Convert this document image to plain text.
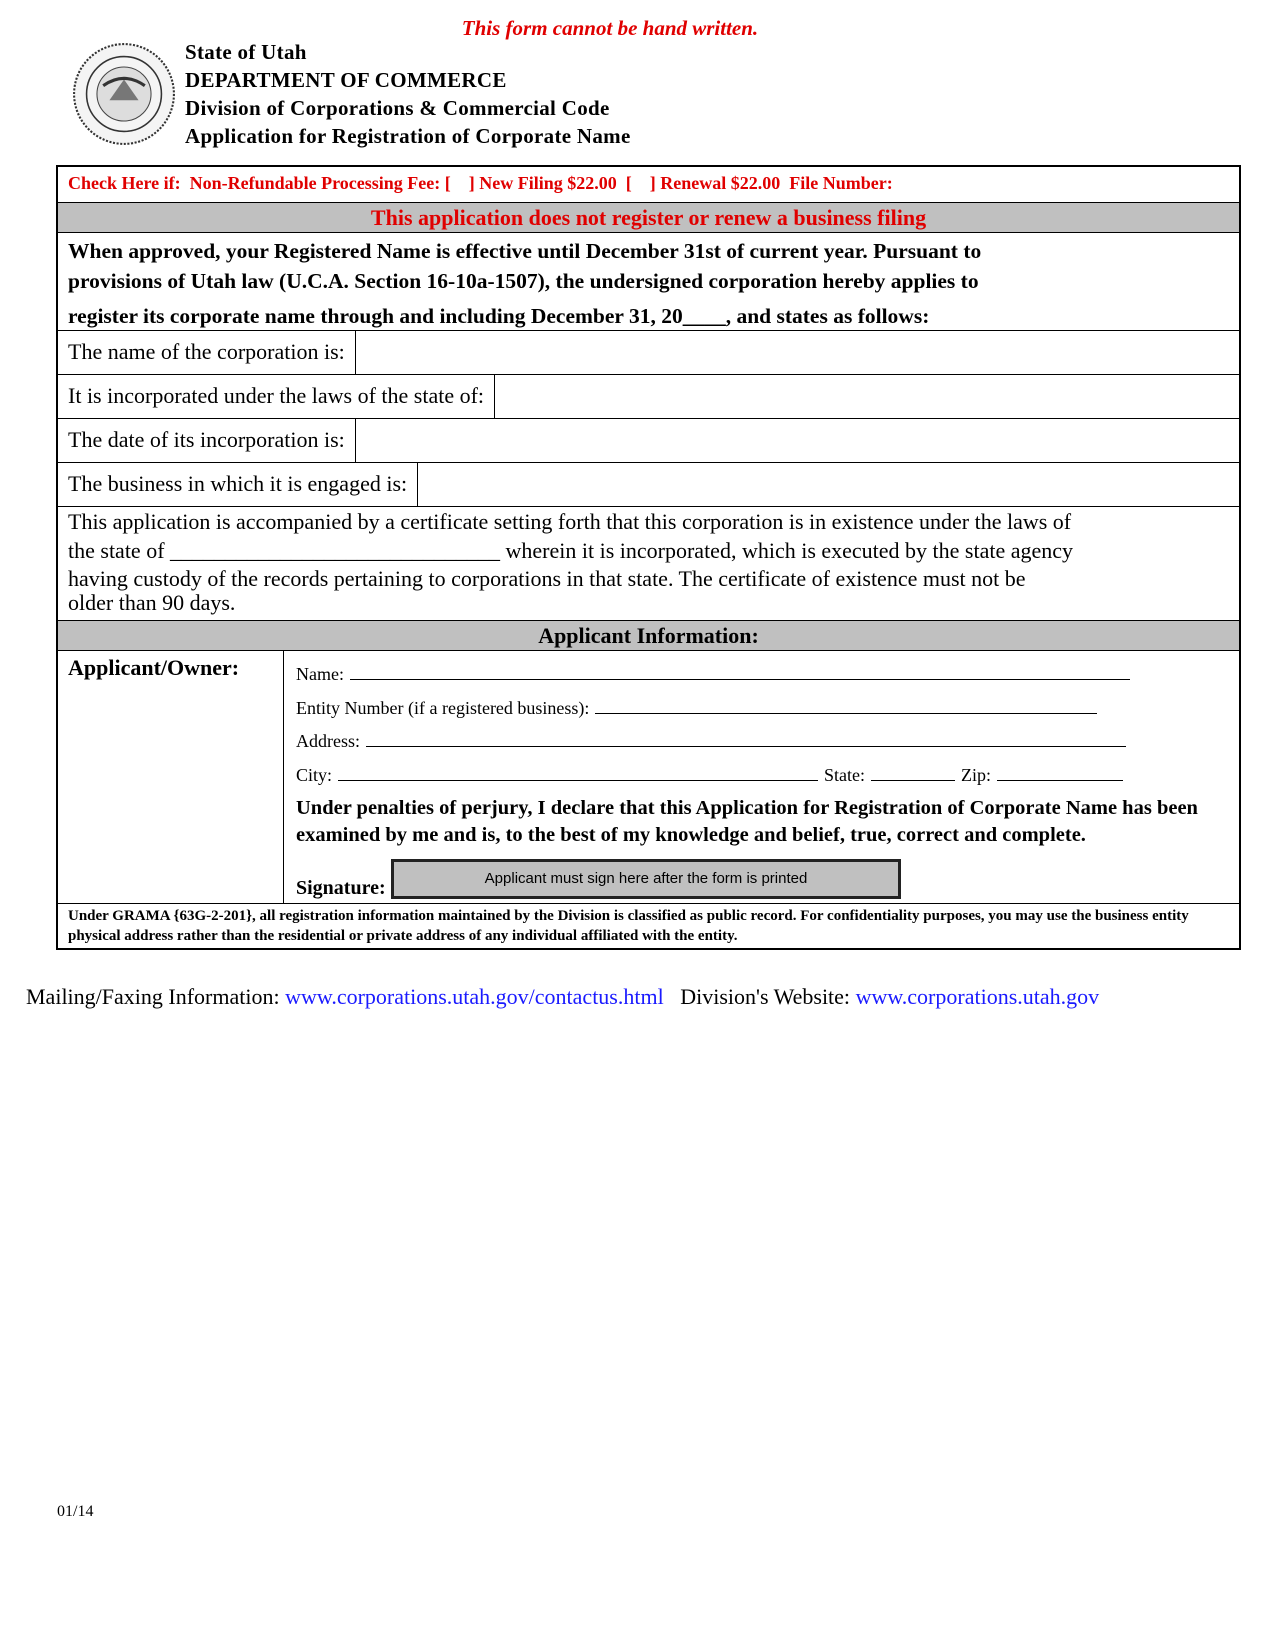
This form cannot be hand written.
State of Utah
DEPARTMENT OF COMMERCE
Division of Corporations & Commercial Code
Application for Registration of Corporate Name
Check Here if:  Non-Refundable Processing Fee: [    ] New Filing $22.00  [    ] Renewal $22.00  File Number:
This application does not register or renew a business filing
When approved, your Registered Name is effective until December 31st of current year. Pursuant to
provisions of Utah law (U.C.A. Section 16-10a-1507), the undersigned corporation hereby applies to
register its corporate name through and including December 31, 20____, and states as follows:
The name of the corporation is:
It is incorporated under the laws of the state of:
The date of its incorporation is:
The business in which it is engaged is:
This application is accompanied by a certificate setting forth that this corporation is in existence under the laws of
the state of ______________________________ wherein it is incorporated, which is executed by the state agency
having custody of the records pertaining to corporations in that state. The certificate of existence must not be
older than 90 days.
Applicant Information:
Applicant/Owner:	Name:
Entity Number (if a registered business):
Address:
City:	State:	Zip:
Under penalties of perjury, I declare that this Application for Registration of Corporate Name has been examined by me and is, to the best of my knowledge and belief, true, correct and complete.
Signature:	Applicant must sign here after the form is printed
Under GRAMA {63G-2-201}, all registration information maintained by the Division is classified as public record. For confidentiality purposes, you may use the business entity physical address rather than the residential or private address of any individual affiliated with the entity.
Mailing/Faxing Information: www.corporations.utah.gov/contactus.html Division's Website: www.corporations.utah.gov
01/14
